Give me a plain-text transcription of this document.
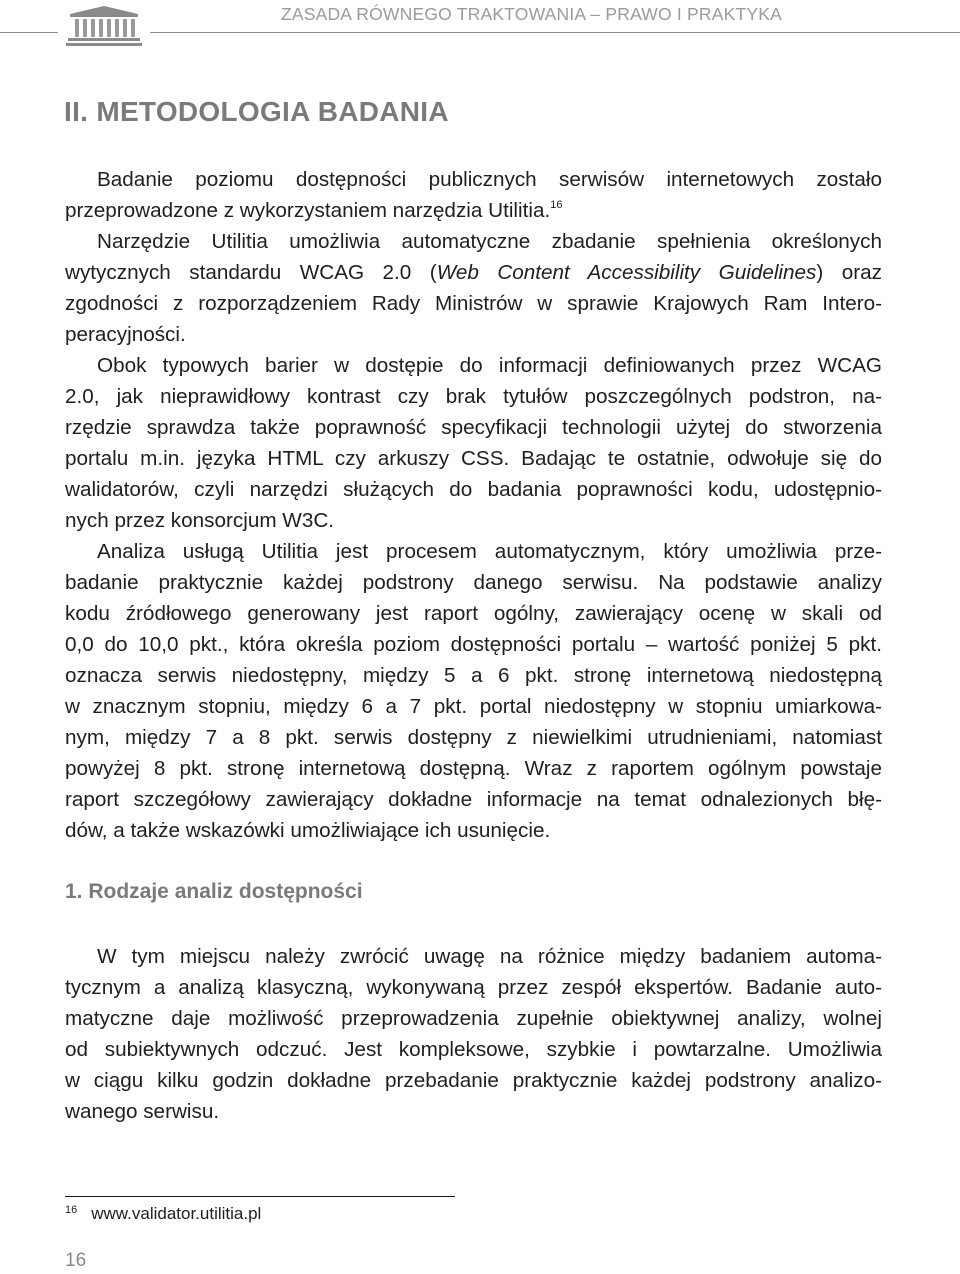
ZASADA RÓWNEGO TRAKTOWANIA – PRAWO I PRAKTYKA
II. METODOLOGIA BADANIA
Badanie poziomu dostępności publicznych serwisów internetowych zostało
przeprowadzone z wykorzystaniem narzędzia Utilitia.$^{16}$
Narzędzie Utilitia umożliwia automatyczne zbadanie spełnienia określonych
wytycznych standardu WCAG 2.0 (Web Content Accessibility Guidelines) oraz
zgodności z rozporządzeniem Rady Ministrów w sprawie Krajowych Ram Intero-
peracyjności.
Obok typowych barier w dostępie do informacji definiowanych przez WCAG
2.0, jak nieprawidłowy kontrast czy brak tytułów poszczególnych podstron, na-
rzędzie sprawdza także poprawność specyfikacji technologii użytej do stworzenia
portalu m.in. języka HTML czy arkuszy CSS. Badając te ostatnie, odwołuje się do
walidatorów, czyli narzędzi służących do badania poprawności kodu, udostępnio-
nych przez konsorcjum W3C.
Analiza usługą Utilitia jest procesem automatycznym, który umożliwia prze-
badanie praktycznie każdej podstrony danego serwisu. Na podstawie analizy
kodu źródłowego generowany jest raport ogólny, zawierający ocenę w skali od
0,0 do 10,0 pkt., która określa poziom dostępności portalu – wartość poniżej 5 pkt.
oznacza serwis niedostępny, między 5 a 6 pkt. stronę internetową niedostępną
w znacznym stopniu, między 6 a 7 pkt. portal niedostępny w stopniu umiarkowa-
nym, między 7 a 8 pkt. serwis dostępny z niewielkimi utrudnieniami, natomiast
powyżej 8 pkt. stronę internetową dostępną. Wraz z raportem ogólnym powstaje
raport szczegółowy zawierający dokładne informacje na temat odnalezionych błę-
dów, a także wskazówki umożliwiające ich usunięcie.
1. Rodzaje analiz dostępności
W tym miejscu należy zwrócić uwagę na różnice między badaniem automa-
tycznym a analizą klasyczną, wykonywaną przez zespół ekspertów. Badanie auto-
matyczne daje możliwość przeprowadzenia zupełnie obiektywnej analizy, wolnej
od subiektywnych odczuć. Jest kompleksowe, szybkie i powtarzalne. Umożliwia
w ciągu kilku godzin dokładne przebadanie praktycznie każdej podstrony analizo-
wanego serwisu.
$^{16}$ www.validator.utilitia.pl
16
